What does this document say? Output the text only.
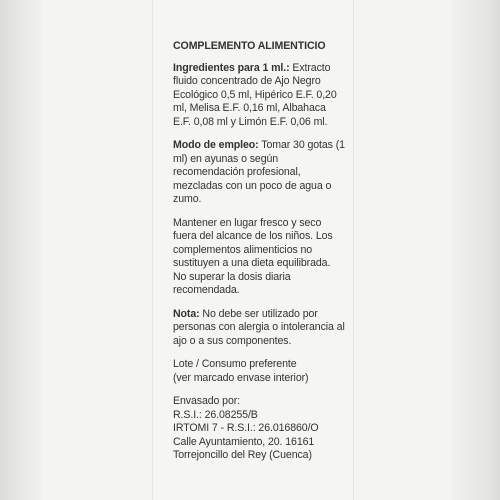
COMPLEMENTO ALIMENTICIO

Ingredientes para 1 ml.: Extracto fluido concentrado de Ajo Negro Ecológico 0,5 ml, Hipérico E.F. 0,20 ml, Melisa E.F. 0,16 ml, Albahaca E.F. 0,08 ml y Limón E.F. 0,06 ml.

Modo de empleo: Tomar 30 gotas (1 ml) en ayunas o según recomendación profesional, mezcladas con un poco de agua o zumo.

Mantener en lugar fresco y seco fuera del alcance de los niños. Los complementos alimenticios no sustituyen a una dieta equilibrada. No superar la dosis diaria recomendada.

Nota: No debe ser utilizado por personas con alergia o intolerancia al ajo o a sus componentes.

Lote / Consumo preferente
(ver marcado envase interior)
Envasado por:
R.S.I.: 26.08255/B
IRTOMI 7 - R.S.I.: 26.016860/O
Calle Ayuntamiento, 20. 16161
Torrejoncillo del Rey (Cuenca)
